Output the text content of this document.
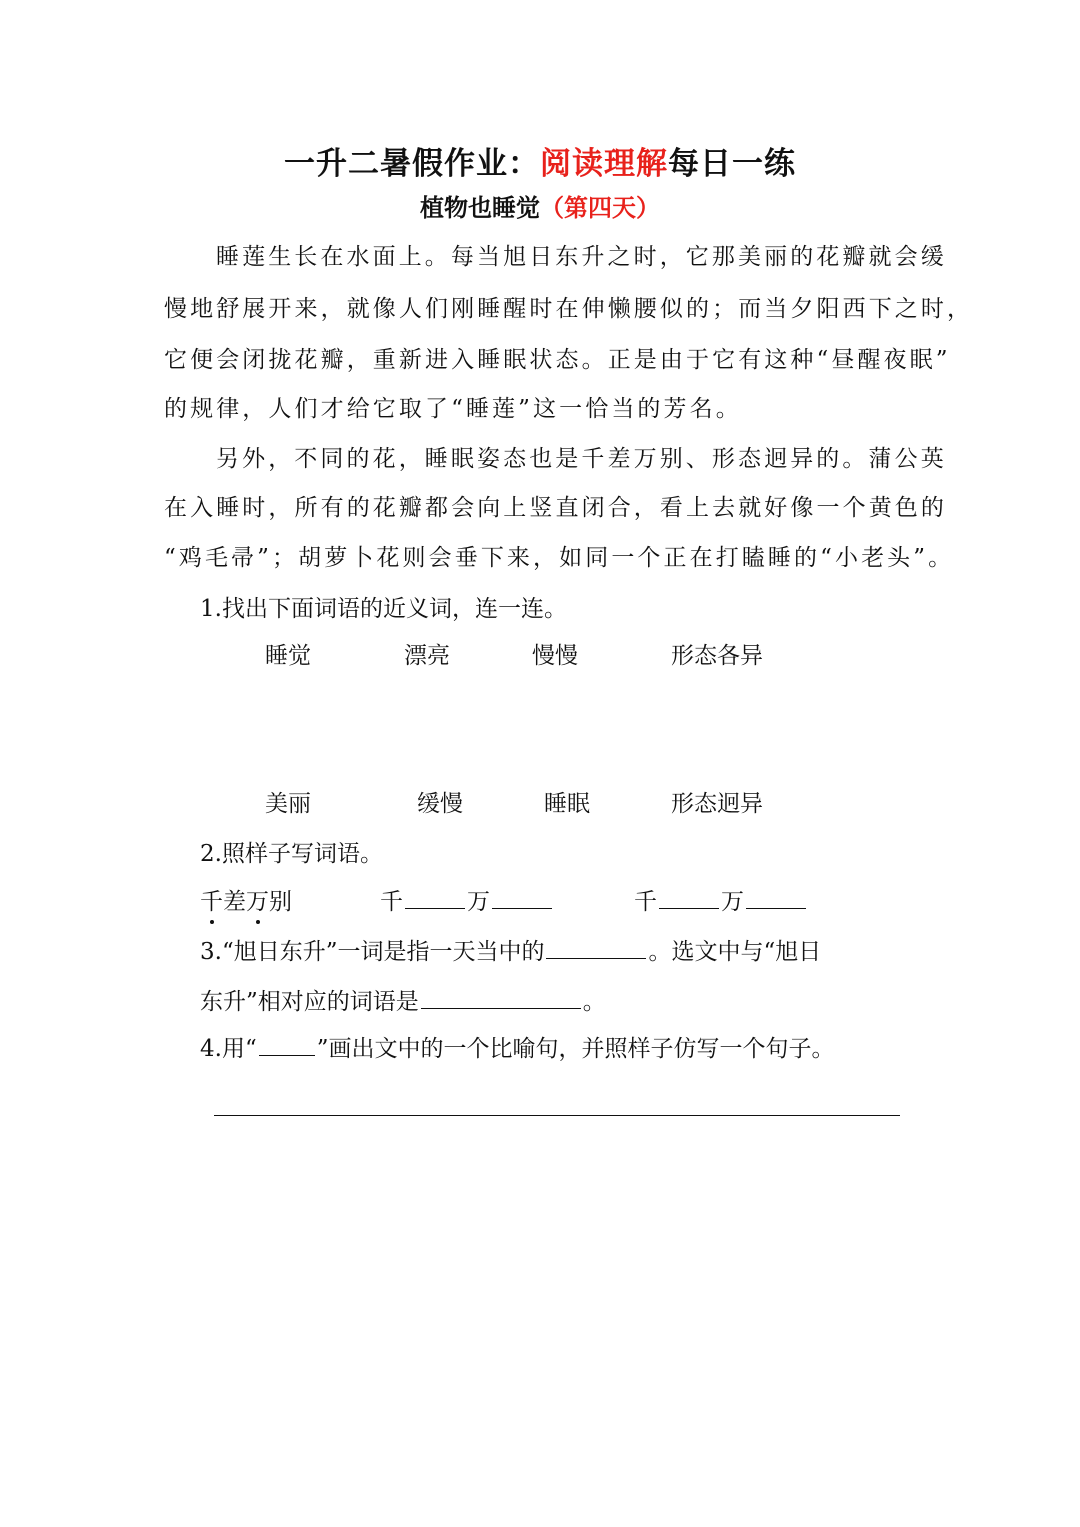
一升二暑假作业：阅读理解每日一练
植物也睡觉（第四天）
睡莲生长在水面上。每当旭日东升之时，它那美丽的花瓣就会缓
慢地舒展开来，就像人们刚睡醒时在伸懒腰似的；而当夕阳西下之时，
它便会闭拢花瓣，重新进入睡眠状态。正是由于它有这种“昼醒夜眠”
的规律，人们才给它取了“睡莲”这一恰当的芳名。
另外，不同的花，睡眠姿态也是千差万别、形态迥异的。蒲公英
在入睡时，所有的花瓣都会向上竖直闭合，看上去就好像一个黄色的
“鸡毛帚”；胡萝卜花则会垂下来，如同一个正在打瞌睡的“小老头”。
1.找出下面词语的近义词，连一连。
睡觉	漂亮	慢慢	形态各异
美丽	缓慢	睡眠	形态迥异
2.照样子写词语。
千差万别	千	万	千	万
3.“旭日东升”一词是指一天当中的	。选文中与“旭日
东升”相对应的词语是	。
4.用“	”画出文中的一个比喻句，并照样子仿写一个句子。
